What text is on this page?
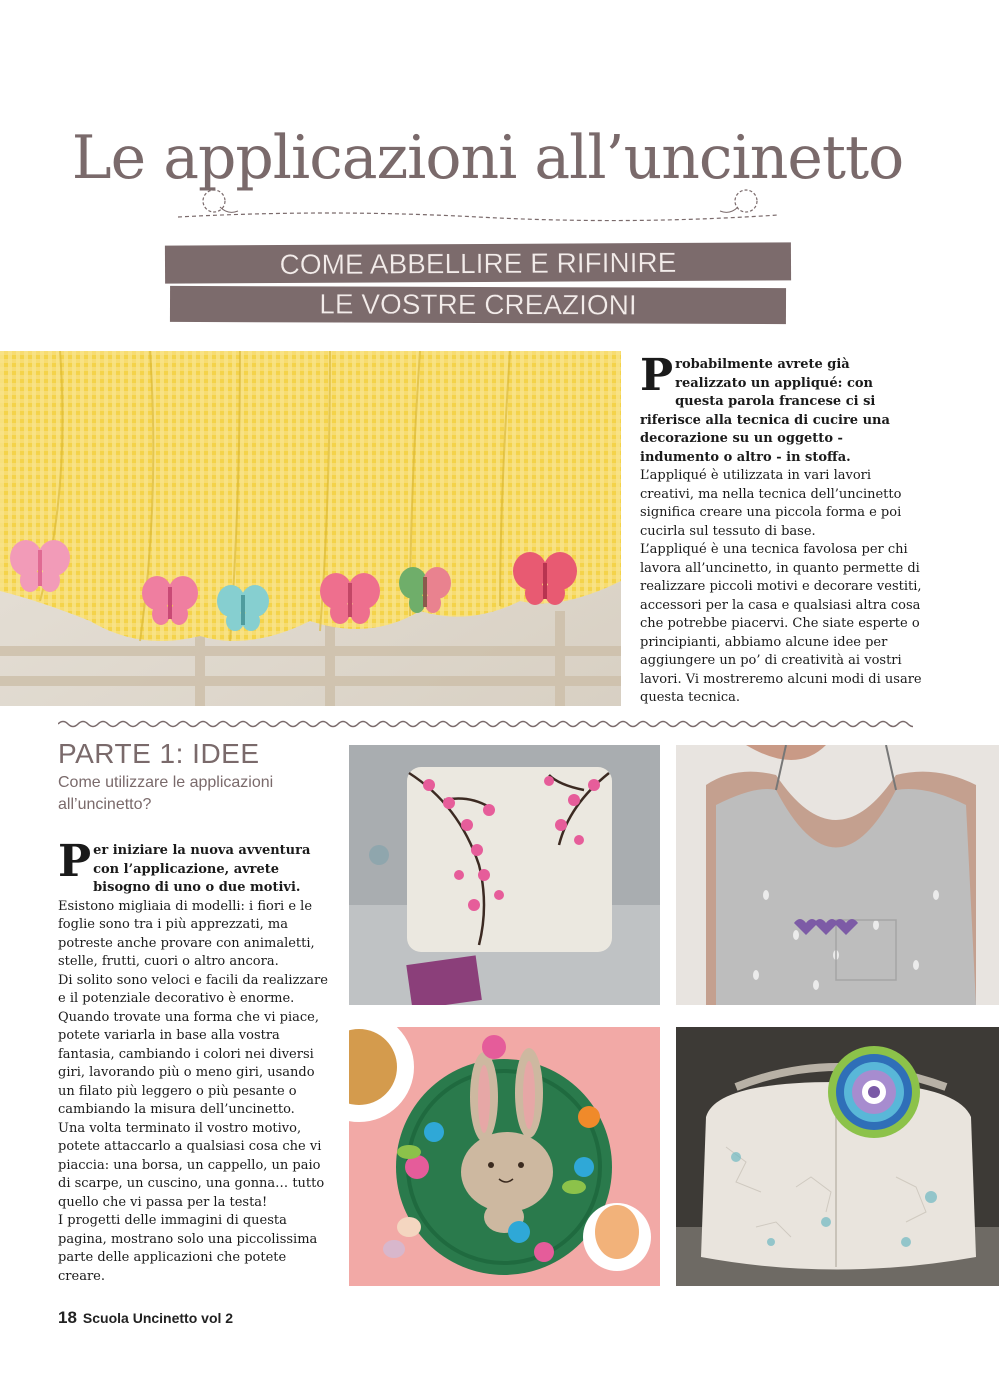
Le applicazioni all’uncinetto
COME ABBELLIRE E RIFINIRE
LE VOSTRE CREAZIONI
Probabilmente avrete già realizzato un appliqué: con questa parola francese ci si riferisce alla tecnica di cucire una decorazione su un oggetto - indumento o altro - in stoffa.
L’appliqué è utilizzata in vari lavori creativi, ma nella tecnica dell’uncinetto significa creare una piccola forma e poi cucirla sul tessuto di base.
L’appliqué è una tecnica favolosa per chi lavora all’uncinetto, in quanto permette di realizzare piccoli motivi e decorare vestiti, accessori per la casa e qualsiasi altra cosa che potrebbe piacervi. Che siate esperte o principianti, abbiamo alcune idee per aggiungere un po’ di creatività ai vostri lavori. Vi mostreremo alcuni modi di usare questa tecnica.
PARTE 1: IDEE
Come utilizzare le applicazioni all’uncinetto?
Per iniziare la nuova avventura con l’applicazione, avrete bisogno di uno o due motivi.
Esistono migliaia di modelli: i fiori e le foglie sono tra i più apprezzati, ma potreste anche provare con animaletti, stelle, frutti, cuori o altro ancora.
Di solito sono veloci e facili da realizzare e il potenziale decorativo è enorme.
Quando trovate una forma che vi piace, potete variarla in base alla vostra fantasia, cambiando i colori nei diversi giri, lavorando più o meno giri, usando un filato più leggero o più pesante o cambiando la misura dell’uncinetto.
Una volta terminato il vostro motivo, potete attaccarlo a qualsiasi cosa che vi piaccia: una borsa, un cappello, un paio di scarpe, un cuscino, una gonna… tutto quello che vi passa per la testa!
I progetti delle immagini di questa pagina, mostrano solo una piccolissima parte delle applicazioni che potete creare.
18 Scuola Uncinetto vol 2
